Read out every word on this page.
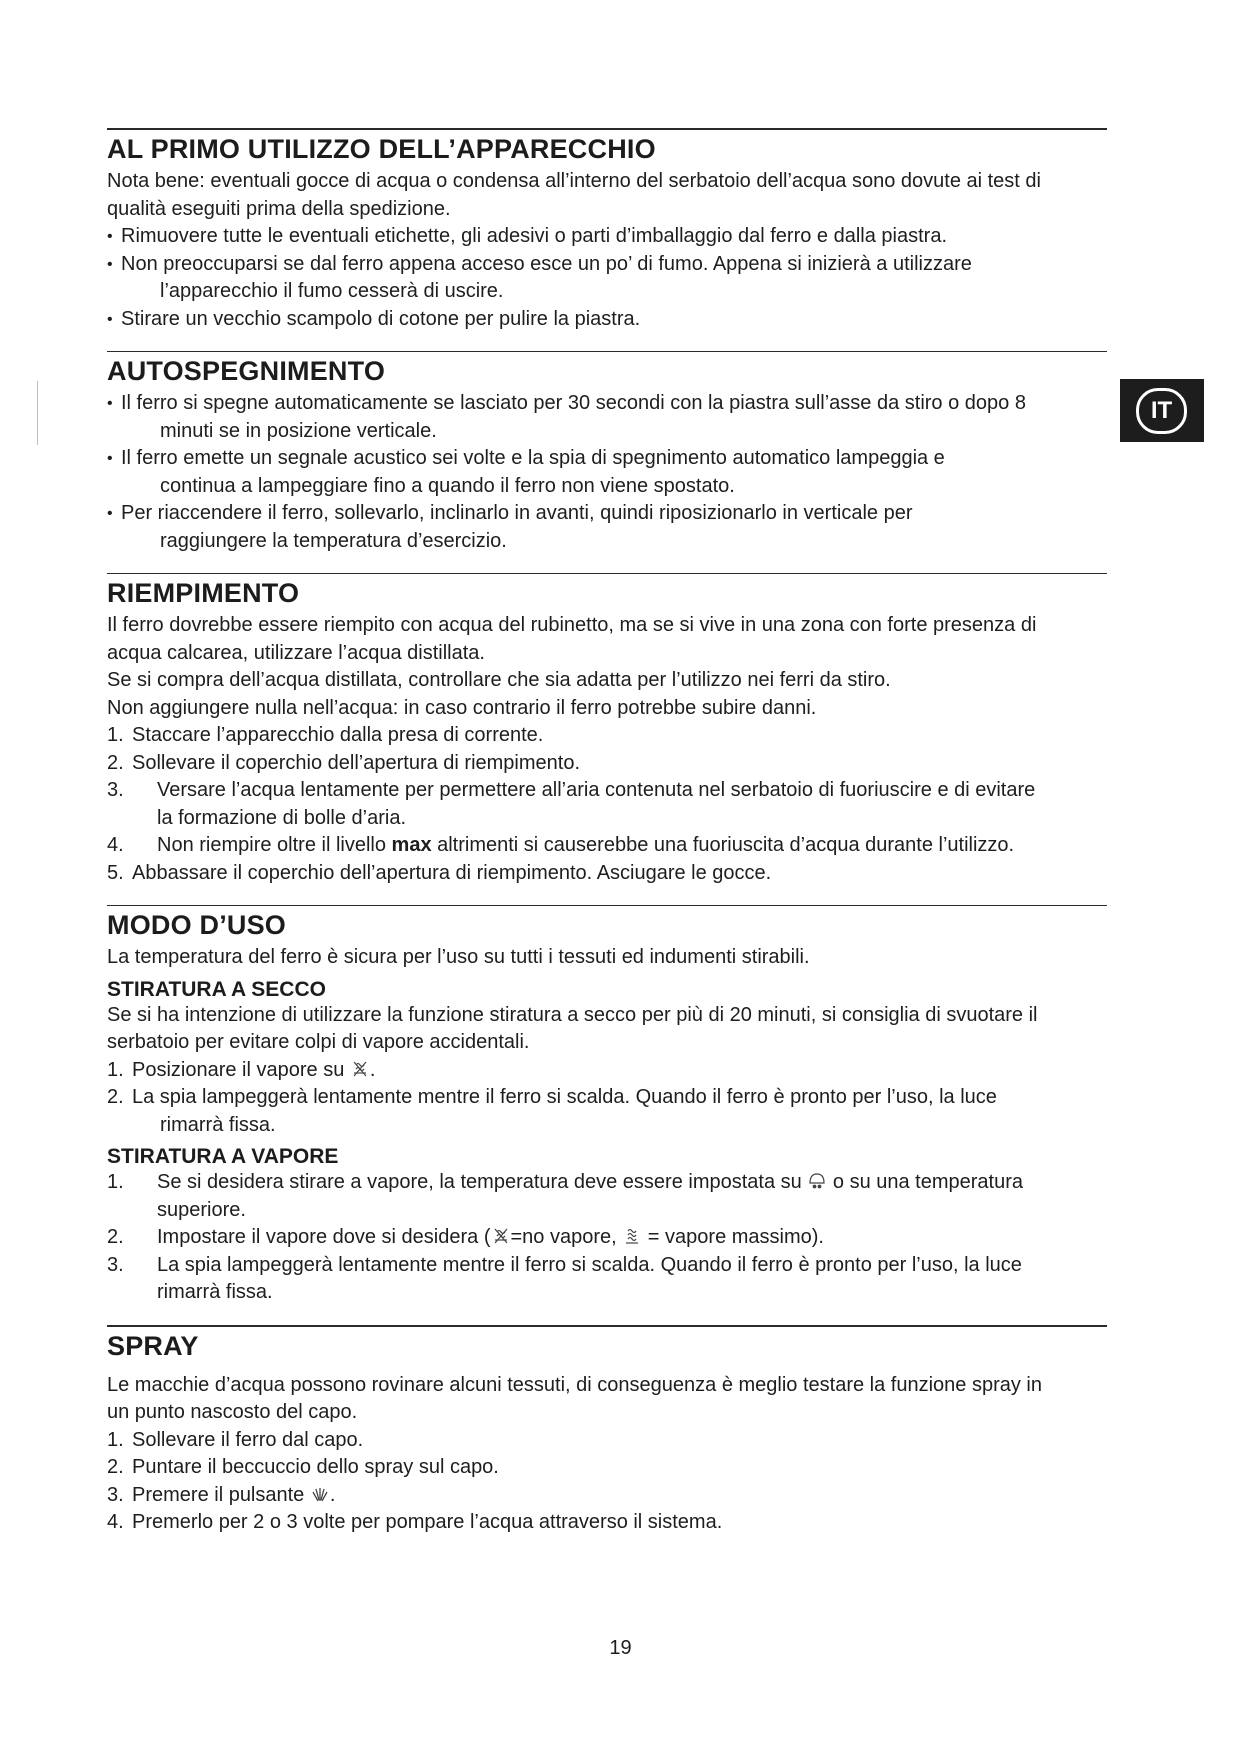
IT
AL PRIMO UTILIZZO DELL’APPARECCHIO

Nota bene: eventuali gocce di acqua o condensa all’interno del serbatoio dell’acqua sono dovute ai test di
qualità eseguiti prima della spedizione.

• Rimuovere tutte le eventuali etichette, gli adesivi o parti d’imballaggio dal ferro e dalla piastra.
• Non preoccuparsi se dal ferro appena acceso esce un po’ di fumo. Appena si inizierà a utilizzare
l’apparecchio il fumo cesserà di uscire.
• Stirare un vecchio scampolo di cotone per pulire la piastra.
AUTOSPEGNIMENTO
• Il ferro si spegne automaticamente se lasciato per 30 secondi con la piastra sull’asse da stiro o dopo 8
minuti se in posizione verticale.
• Il ferro emette un segnale acustico sei volte e la spia di spegnimento automatico lampeggia e
continua a lampeggiare fino a quando il ferro non viene spostato.
• Per riaccendere il ferro, sollevarlo, inclinarlo in avanti, quindi riposizionarlo in verticale per
raggiungere la temperatura d’esercizio.
RIEMPIMENTO

Il ferro dovrebbe essere riempito con acqua del rubinetto, ma se si vive in una zona con forte presenza di
acqua calcarea, utilizzare l’acqua distillata.

Se si compra dell’acqua distillata, controllare che sia adatta per l’utilizzo nei ferri da stiro.

Non aggiungere nulla nell’acqua: in caso contrario il ferro potrebbe subire danni.

1. Staccare l’apparecchio dalla presa di corrente.
2. Sollevare il coperchio dell’apertura di riempimento.
3. Versare l’acqua lentamente per permettere all’aria contenuta nel serbatoio di fuoriuscire e di evitare
la formazione di bolle d’aria.
4. Non riempire oltre il livello max altrimenti si causerebbe una fuoriuscita d’acqua durante l’utilizzo.
5. Abbassare il coperchio dell’apertura di riempimento. Asciugare le gocce.
MODO D’USO

La temperatura del ferro è sicura per l’uso su tutti i tessuti ed indumenti stirabili.

STIRATURA A SECCO

Se si ha intenzione di utilizzare la funzione stiratura a secco per più di 20 minuti, si consiglia di svuotare il
serbatoio per evitare colpi di vapore accidentali.

1. Posizionare il vapore su .
2. La spia lampeggerà lentamente mentre il ferro si scalda. Quando il ferro è pronto per l’uso, la luce
rimarrà fissa.
STIRATURA A VAPORE
1. Se si desidera stirare a vapore, la temperatura deve essere impostata su  o su una temperatura
superiore.
2. Impostare il vapore dove si desidera ( =no vapore,  = vapore massimo).
3. La spia lampeggerà lentamente mentre il ferro si scalda. Quando il ferro è pronto per l’uso, la luce
rimarrà fissa.
SPRAY

Le macchie d’acqua possono rovinare alcuni tessuti, di conseguenza è meglio testare la funzione spray in
un punto nascosto del capo.

1. Sollevare il ferro dal capo.
2. Puntare il beccuccio dello spray sul capo.
3. Premere il pulsante .
4. Premerlo per 2 o 3 volte per pompare l’acqua attraverso il sistema.
19
